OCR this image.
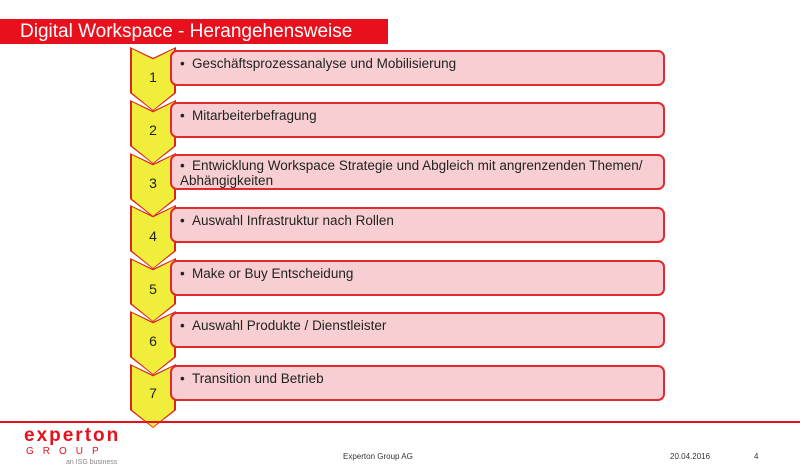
Digital Workspace - Herangehensweise
1
• Geschäftsprozessanalyse und Mobilisierung
2
• Mitarbeiterbefragung
3
• Entwicklung Workspace Strategie und Abgleich mit angrenzenden Themen/ Abhängigkeiten
4
• Auswahl Infrastruktur nach Rollen
5
• Make or Buy Entscheidung
6
• Auswahl Produkte / Dienstleister
7
• Transition und Betrieb
experton
GROUP
an ISG business
Experton Group AG	20.04.2016	4
